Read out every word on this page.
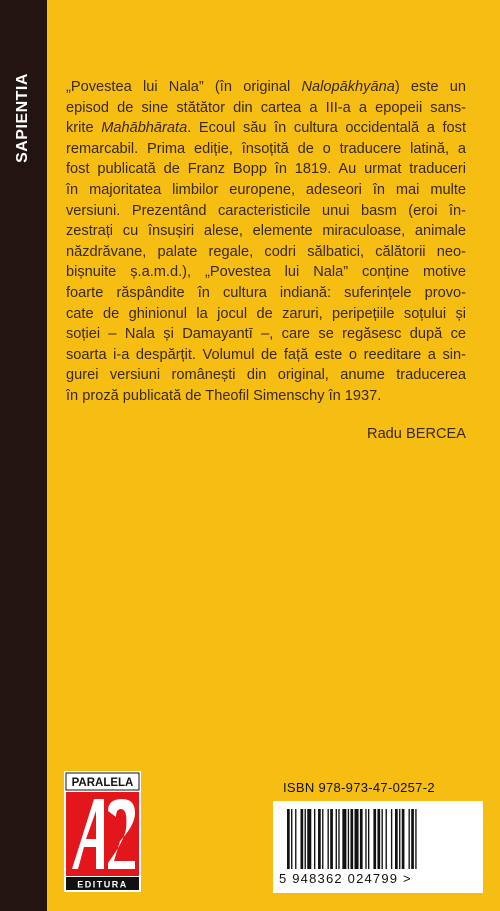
SAPIENTIA „Povestea lui Nala” (în original Nalopākhyāna) este un
episod de sine stătător din cartea a III-a a epopeii sans-
krite Mahābhārata. Ecoul său în cultura occidentală a fost
remarcabil. Prima ediție, însoțită de o traducere latină, a
fost publicată de Franz Bopp în 1819. Au urmat traduceri
în majoritatea limbilor europene, adeseori în mai multe
versiuni. Prezentând caracteristicile unui basm (eroi în-
zestrați cu însușiri alese, elemente miraculoase, animale
năzdrăvane, palate regale, codri sălbatici, călătorii neo-
bișnuite ș.a.m.d.), „Povestea lui Nala” conține motive
foarte răspândite în cultura indiană: suferințele provo-
cate de ghinionul la jocul de zaruri, peripețiile soțului și
soției – Nala și Damayantī –, care se regăsesc după ce
soarta i-a despărțit. Volumul de față este o reeditare a sin-
gurei versiuni românești din original, anume traducerea
în proză publicată de Theofil Simenschy în 1937.
Radu BERCEA
PARALELA
45
EDITURA
ISBN 978-973-47-0257-2
5 948362 024799 >
